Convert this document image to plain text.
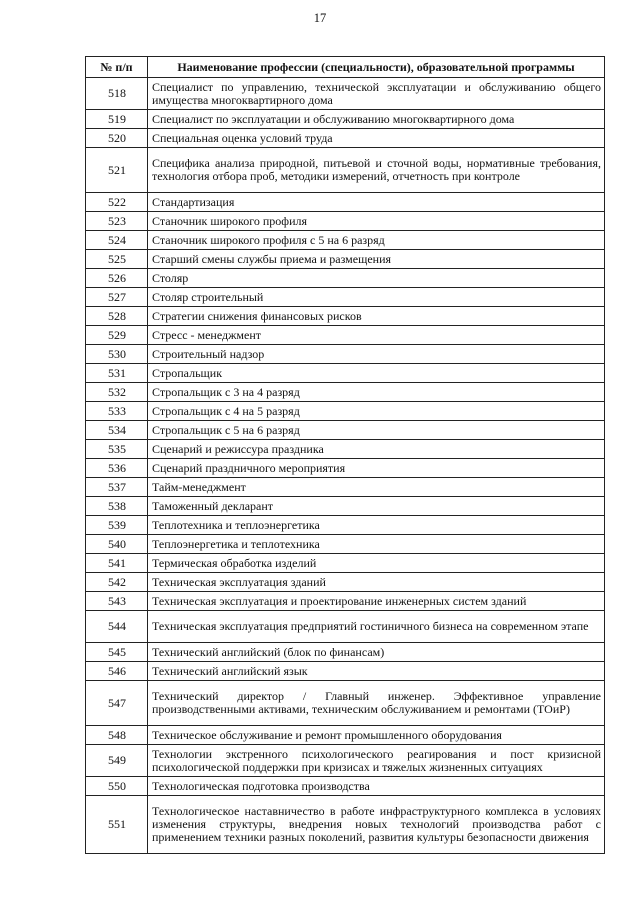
17
№ п/п	Наименование профессии (специальности), образовательной программы
518	Специалист по управлению, технической эксплуатации и обслуживанию общего имущества многоквартирного дома
519	Специалист по эксплуатации и обслуживанию многоквартирного дома
520	Специальная оценка условий труда
521	Специфика анализа природной, питьевой и сточной воды, нормативные требования, технология отбора проб, методики измерений, отчетность при контроле
522	Стандартизация
523	Станочник широкого профиля
524	Станочник широкого профиля с 5 на 6 разряд
525	Старший смены службы приема и размещения
526	Столяр
527	Столяр строительный
528	Стратегии снижения финансовых рисков
529	Стресс - менеджмент
530	Строительный надзор
531	Стропальщик
532	Стропальщик с 3 на 4 разряд
533	Стропальщик с 4 на 5 разряд
534	Стропальщик с 5 на 6 разряд
535	Сценарий и режиссура праздника
536	Сценарий праздничного мероприятия
537	Тайм-менеджмент
538	Таможенный декларант
539	Теплотехника и теплоэнергетика
540	Теплоэнергетика и теплотехника
541	Термическая обработка изделий
542	Техническая эксплуатация зданий
543	Техническая эксплуатация и проектирование инженерных систем зданий
544	Техническая эксплуатация предприятий гостиничного бизнеса на современном этапе
545	Технический английский (блок по финансам)
546	Технический английский язык
547	Технический директор / Главный инженер. Эффективное управление производственными активами, техническим обслуживанием и ремонтами (ТОиР)
548	Техническое обслуживание и ремонт промышленного оборудования
549	Технологии экстренного психологического реагирования и пост кризисной психологической поддержки при кризисах и тяжелых жизненных ситуациях
550	Технологическая подготовка производства
551	Технологическое наставничество в работе инфраструктурного комплекса в условиях изменения структуры, внедрения новых технологий производства работ с применением техники разных поколений, развития культуры безопасности движения
